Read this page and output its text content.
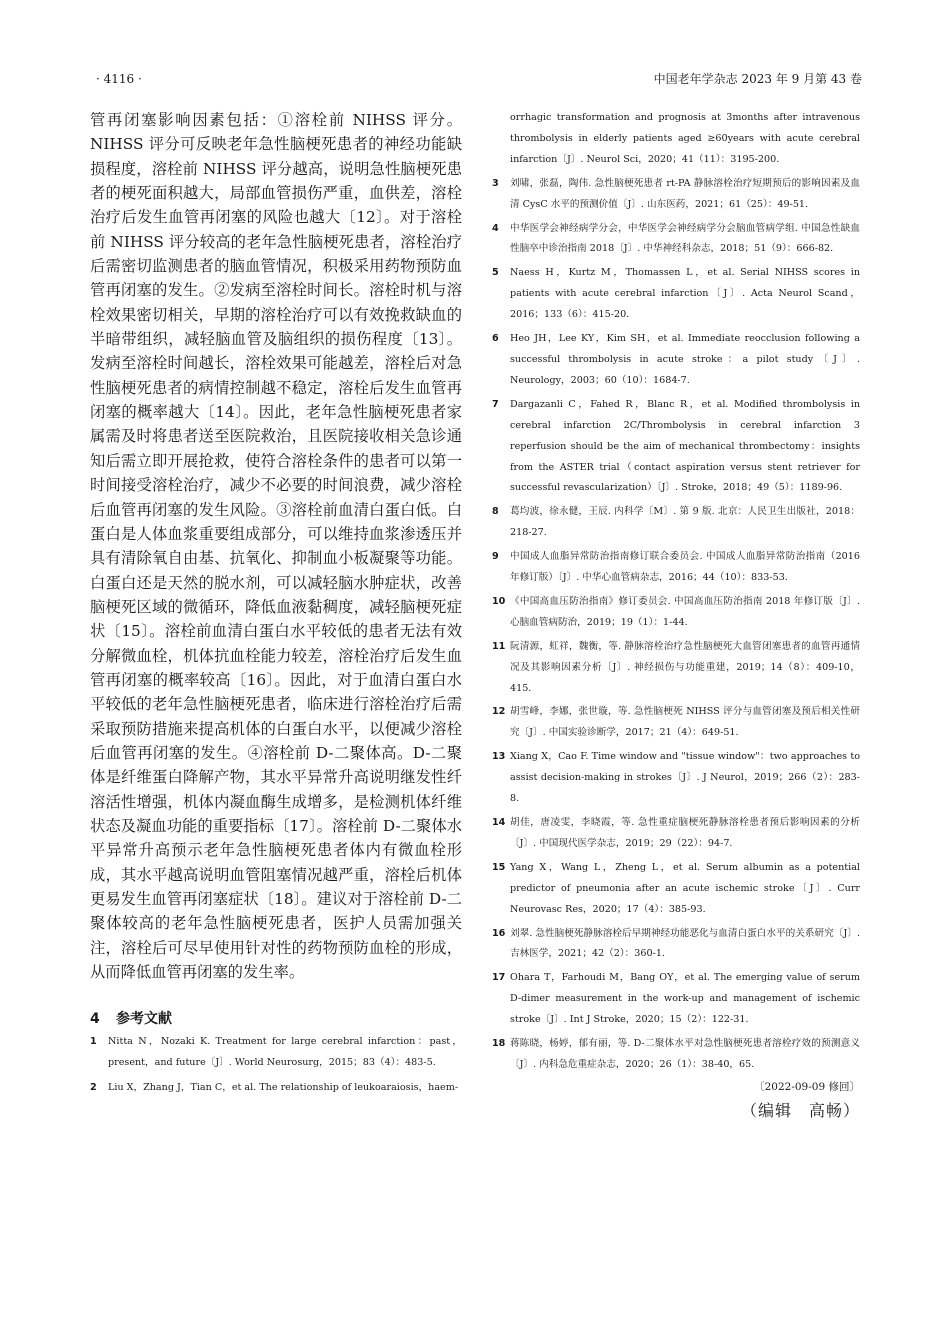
· 4116 ·	中国老年学杂志 2023 年 9 月第 43 卷

管再闭塞影响因素包括：①溶栓前 NIHSS 评分。NIHSS 评分可反映老年急性脑梗死患者的神经功能缺损程度，溶栓前 NIHSS 评分越高，说明急性脑梗死患者的梗死面积越大，局部血管损伤严重，血供差，溶栓治疗后发生血管再闭塞的风险也越大〔12〕。对于溶栓前 NIHSS 评分较高的老年急性脑梗死患者，溶栓治疗后需密切监测患者的脑血管情况，积极采用药物预防血管再闭塞的发生。②发病至溶栓时间长。溶栓时机与溶栓效果密切相关，早期的溶栓治疗可以有效挽救缺血的半暗带组织，减轻脑血管及脑组织的损伤程度〔13〕。发病至溶栓时间越长，溶栓效果可能越差，溶栓后对急性脑梗死患者的病情控制越不稳定，溶栓后发生血管再闭塞的概率越大〔14〕。因此，老年急性脑梗死患者家属需及时将患者送至医院救治，且医院接收相关急诊通知后需立即开展抢救，使符合溶栓条件的患者可以第一时间接受溶栓治疗，减少不必要的时间浪费，减少溶栓后血管再闭塞的发生风险。③溶栓前血清白蛋白低。白蛋白是人体血浆重要组成部分，可以维持血浆渗透压并具有清除氧自由基、抗氧化、抑制血小板凝聚等功能。白蛋白还是天然的脱水剂，可以减轻脑水肿症状，改善脑梗死区域的微循环，降低血液黏稠度，减轻脑梗死症状〔15〕。溶栓前血清白蛋白水平较低的患者无法有效分解微血栓，机体抗血栓能力较差，溶栓治疗后发生血管再闭塞的概率较高〔16〕。因此，对于血清白蛋白水平较低的老年急性脑梗死患者，临床进行溶栓治疗后需采取预防措施来提高机体的白蛋白水平，以便减少溶栓后血管再闭塞的发生。④溶栓前 D-二聚体高。D-二聚体是纤维蛋白降解产物，其水平异常升高说明继发性纤溶活性增强，机体内凝血酶生成增多，是检测机体纤维状态及凝血功能的重要指标〔17〕。溶栓前 D-二聚体水平异常升高预示老年急性脑梗死患者体内有微血栓形成，其水平越高说明血管阻塞情况越严重，溶栓后机体更易发生血管再闭塞症状〔18〕。建议对于溶栓前 D-二聚体较高的老年急性脑梗死患者，医护人员需加强关注，溶栓后可尽早使用针对性的药物预防血栓的形成，从而降低血管再闭塞的发生率。

4 参考文献
1	Nitta N，Nozaki K. Treatment for large cerebral infarction：past，present，and future〔J〕. World Neurosurg，2015；83（4）：483-5.
2	Liu X，Zhang J，Tian C，et al. The relationship of leukoaraiosis，haem-
orrhagic transformation and prognosis at 3months after intravenous thrombolysis in elderly patients aged ≥60years with acute cerebral infarction〔J〕. Neurol Sci，2020；41（11）：3195-200.
3	刘啸，张磊，陶伟. 急性脑梗死患者 rt-PA 静脉溶栓治疗短期预后的影响因素及血清 CysC 水平的预测价值〔J〕. 山东医药，2021；61（25）：49-51.
4	中华医学会神经病学分会，中华医学会神经病学分会脑血管病学组. 中国急性缺血性脑卒中诊治指南 2018〔J〕. 中华神经科杂志，2018；51（9）：666-82.
5	Naess H，Kurtz M，Thomassen L，et al. Serial NIHSS scores in patients with acute cerebral infarction〔J〕. Acta Neurol Scand，2016；133（6）：415-20.
6	Heo JH，Lee KY，Kim SH，et al. Immediate reocclusion following a successful thrombolysis in acute stroke：a pilot study〔J〕. Neurology，2003；60（10）：1684-7.
7	Dargazanli C，Fahed R，Blanc R，et al. Modified thrombolysis in cerebral infarction 2C/Thrombolysis in cerebral infarction 3 reperfusion should be the aim of mechanical thrombectomy：insights from the ASTER trial（contact aspiration versus stent retriever for successful revascularization）〔J〕. Stroke，2018；49（5）：1189-96.
8	葛均波，徐永健，王辰. 内科学〔M〕. 第 9 版. 北京：人民卫生出版社，2018：218-27.
9	中国成人血脂异常防治指南修订联合委员会. 中国成人血脂异常防治指南（2016 年修订版）〔J〕. 中华心血管病杂志，2016；44（10）：833-53.
10 《中国高血压防治指南》修订委员会. 中国高血压防治指南 2018 年修订版〔J〕. 心脑血管病防治，2019；19（1）：1-44.
11 阮清源，虹祥，魏衡，等. 静脉溶栓治疗急性脑梗死大血管闭塞患者的血管再通情况及其影响因素分析〔J〕. 神经损伤与功能重建，2019；14（8）：409-10，415.
12 胡雪峰，李娜，张世璇，等. 急性脑梗死 NIHSS 评分与血管闭塞及预后相关性研究〔J〕. 中国实验诊断学，2017；21（4）：649-51.
13 Xiang X，Cao F. Time window and "tissue window"：two approaches to assist decision-making in strokes〔J〕. J Neurol，2019；266（2）：283-8.
14 胡佳，唐凌雯，李晓霞，等. 急性重症脑梗死静脉溶栓患者预后影响因素的分析〔J〕. 中国现代医学杂志，2019；29（22）：94-7.
15 Yang X，Wang L，Zheng L，et al. Serum albumin as a potential predictor of pneumonia after an acute ischemic stroke〔J〕. Curr Neurovasc Res，2020；17（4）：385-93.
16 刘翠. 急性脑梗死静脉溶栓后早期神经功能恶化与血清白蛋白水平的关系研究〔J〕. 吉林医学，2021；42（2）：360-1.
17 Ohara T，Farhoudi M，Bang OY，et al. The emerging value of serum D-dimer measurement in the work-up and management of ischemic stroke〔J〕. Int J Stroke，2020；15（2）：122-31.
18 蒋陈晓，杨婷，郁有丽，等. D-二聚体水平对急性脑梗死患者溶栓疗效的预测意义〔J〕. 内科急危重症杂志，2020；26（1）：38-40，65.
〔2022-09-09 修回〕
（编辑　高畅）
